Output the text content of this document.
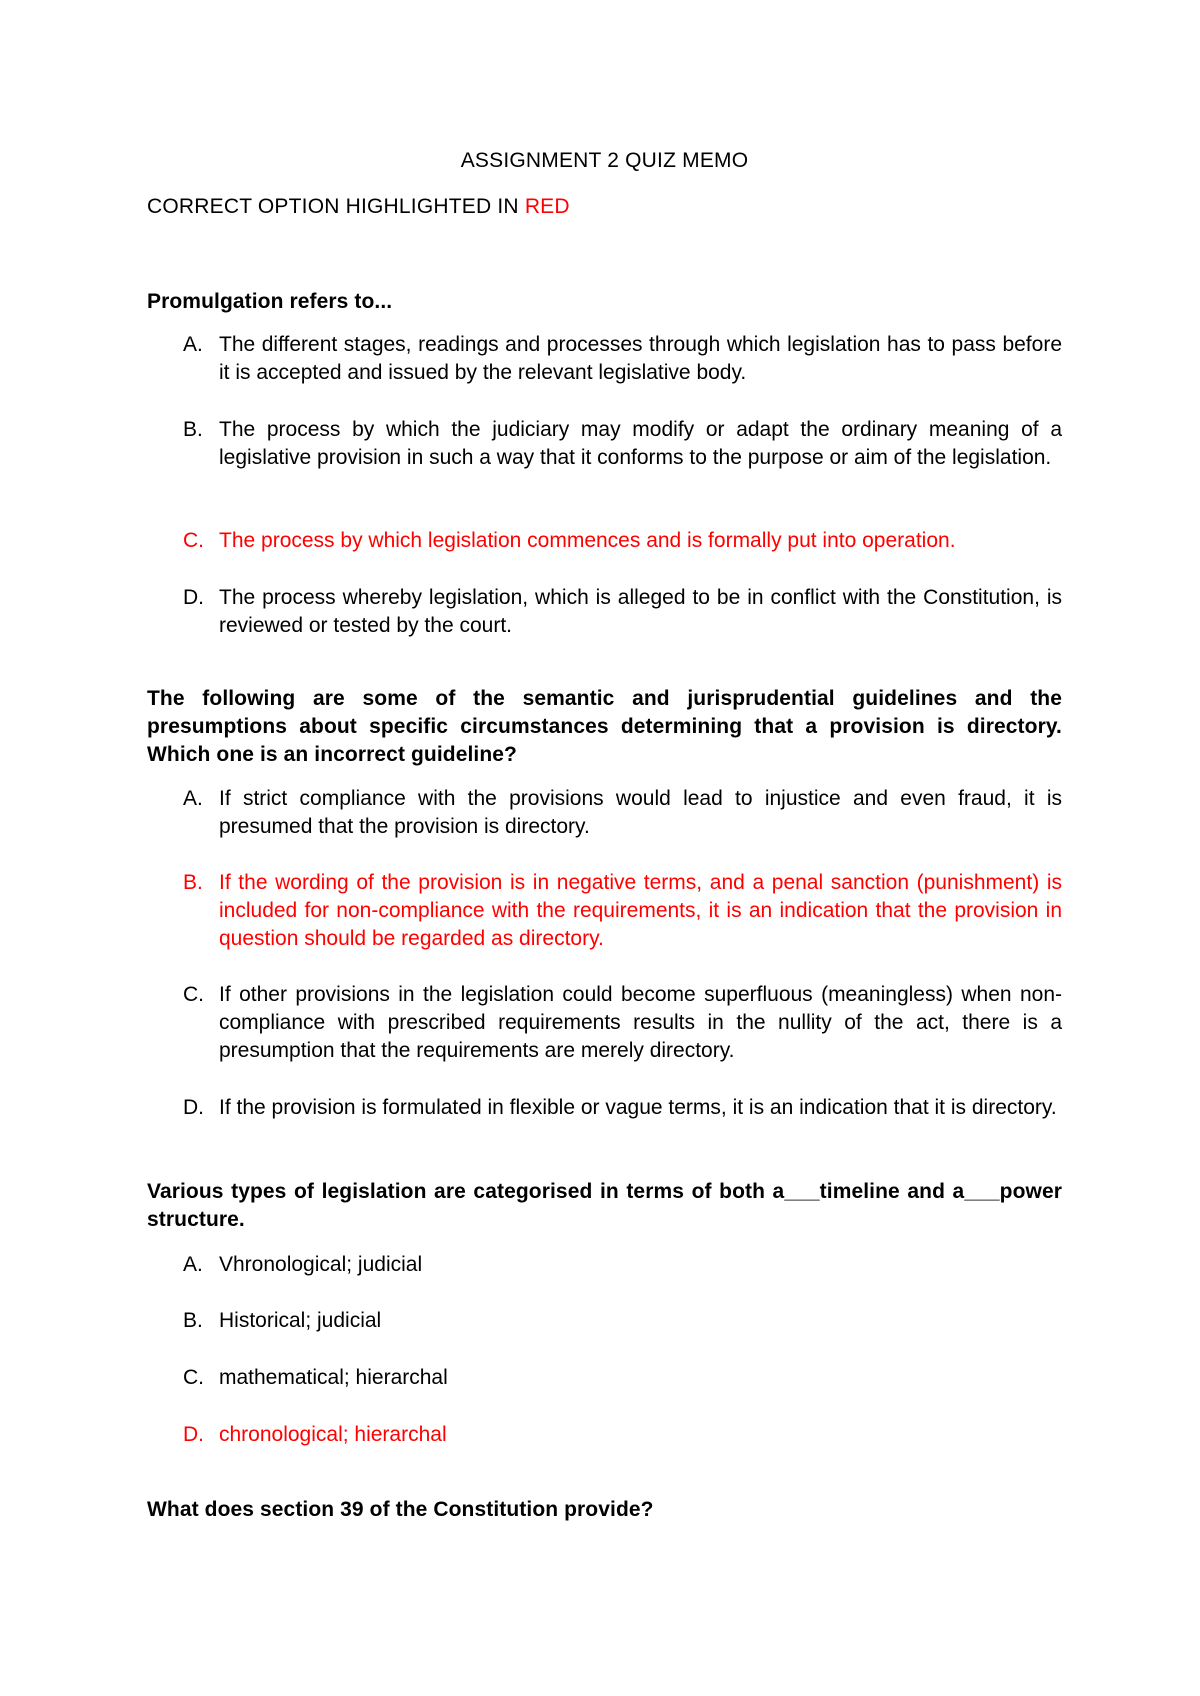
ASSIGNMENT 2 QUIZ MEMO
CORRECT OPTION HIGHLIGHTED IN RED
Promulgation refers to...
A. The different stages, readings and processes through which legislation has to pass before it is accepted and issued by the relevant legislative body.
B. The process by which the judiciary may modify or adapt the ordinary meaning of a legislative provision in such a way that it conforms to the purpose or aim of the legislation.
C. The process by which legislation commences and is formally put into operation.
D. The process whereby legislation, which is alleged to be in conflict with the Constitution, is reviewed or tested by the court.
The following are some of the semantic and jurisprudential guidelines and the presumptions about specific circumstances determining that a provision is directory. Which one is an incorrect guideline?
A. If strict compliance with the provisions would lead to injustice and even fraud, it is presumed that the provision is directory.
B. If the wording of the provision is in negative terms, and a penal sanction (punishment) is included for non-compliance with the requirements, it is an indication that the provision in question should be regarded as directory.
C. If other provisions in the legislation could become superfluous (meaningless) when non-compliance with prescribed requirements results in the nullity of the act, there is a presumption that the requirements are merely directory.
D. If the provision is formulated in flexible or vague terms, it is an indication that it is directory.
Various types of legislation are categorised in terms of both a___timeline and a___power structure.
A. Vhronological; judicial
B. Historical; judicial
C. mathematical; hierarchal
D. chronological; hierarchal
What does section 39 of the Constitution provide?
